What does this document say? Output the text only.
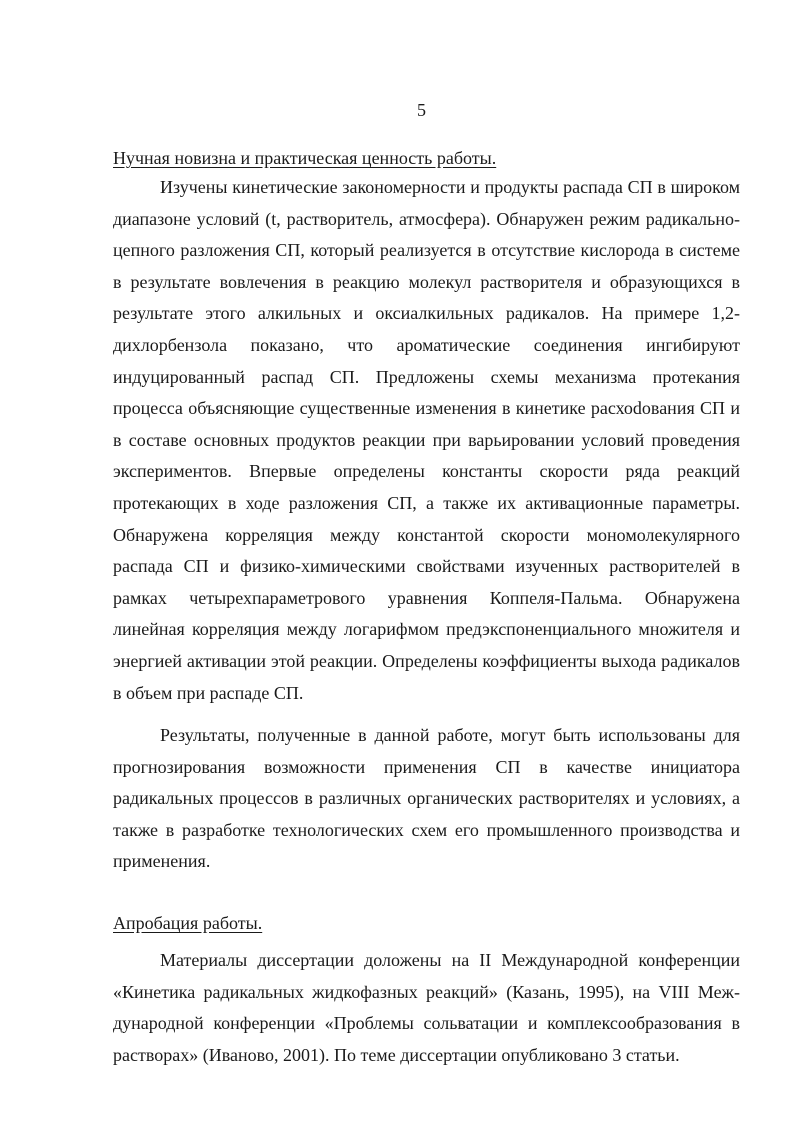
5
Нучная новизна и практическая ценность работы.

Изучены кинетические закономерности и продукты распада СП в широком диапазоне условий (t, растворитель, атмосфера). Обнаружен режим радикально-цепного разложения СП, который реализуется в отсутствие кислорода в системе в результате вовлечения в реакцию молекул растворителя и образующихся в результате этого алкильных и оксиалкильных радикалов. На примере 1,2-дихлорбензола показано, что ароматические соединения ингибируют индуцированный распад СП. Предложены схемы механизма протекания процесса объясняющие существенные изменения в кинетике расхоdования СП и в составе основных продуктов реакции при варьировании условий проведения экспериментов. Впервые определены константы скорости ряда реакций протекающих в ходе разложения СП, а также их активационные параметры. Обнаружена корреляция между константой скорости мономолекулярного распада СП и физико-химическими свойствами изученных растворителей в рамках четырехпараметрового уравнения Коппеля-Пальма. Обнаружена линейная корреляция между логарифмом предэкспоненциального множителя и энергией активации этой реакции. Определены коэффициенты выхода радикалов в объем при распаде СП.

Результаты, полученные в данной работе, могут быть использованы для прогнозирования возможности применения СП в качестве инициатора радикальных процессов в различных органических растворителях и условиях, а также в разработке технологических схем его промышленного производства и применения.

Апробация работы.

Материалы диссертации доложены на II Международной конференции «Кинетика радикальных жидкофазных реакций» (Казань, 1995), на VIII Международной конференции «Проблемы сольватации и комплексообразования в растворах» (Иваново, 2001). По теме диссертации опубликовано 3 статьи.
